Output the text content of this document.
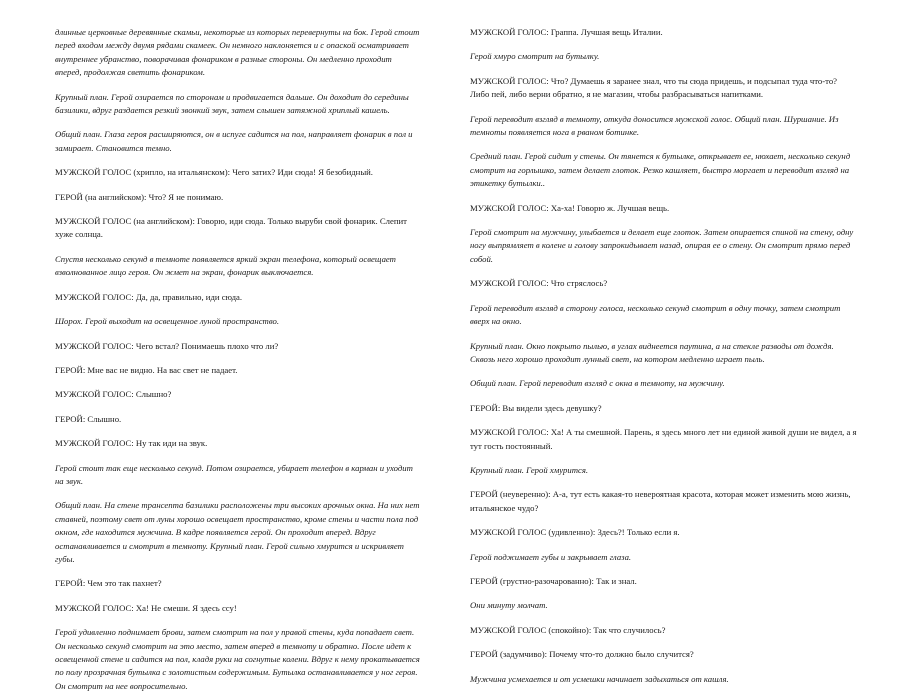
длинные церковные деревянные скамьи, некоторые из которых перевернуты на бок. Герой стоит перед входом между двумя рядами скамеек. Он немного наклоняется и с опаской осматривает внутреннее убранство, поворачивая фонариком в разные стороны. Он медленно проходит вперед, продолжая светить фонариком.

Крупный план. Герой озирается по сторонам и продвигается дальше. Он доходит до середины базилики, вдруг раздается резкий звонкий звук, затем слышен затяжной хриплый кашель.

Общий план. Глаза героя расширяются, он в испуге садится на пол, направляет фонарик в пол и замирает. Становится темно.

МУЖСКОЙ ГОЛОС (хрипло, на итальянском): Чего затих? Иди сюда! Я безобидный.

ГЕРОЙ (на английском): Что? Я не понимаю.

МУЖСКОЙ ГОЛОС (на английском): Говорю, иди сюда. Только выруби свой фонарик. Слепит хуже солнца.

Спустя несколько секунд в темноте появляется яркий экран телефона, который освещает взволнованное лицо героя. Он жмет на экран, фонарик выключается.

МУЖСКОЙ ГОЛОС: Да, да, правильно, иди сюда.

Шорох. Герой выходит на освещенное луной пространство.

МУЖСКОЙ ГОЛОС: Чего встал? Понимаешь плохо что ли?

ГЕРОЙ: Мне вас не видно. На вас свет не падает.

МУЖСКОЙ ГОЛОС: Слышно?

ГЕРОЙ: Слышно.

МУЖСКОЙ ГОЛОС: Ну так иди на звук.

Герой стоит так еще несколько секунд. Потом озирается, убирает телефон в карман и уходит на звук.

Общий план. На стене трансепта базилики расположены три высоких арочных окна. На них нет ставней, поэтому свет от луны хорошо освещает пространство, кроме стены и части пола под окном, где находится мужчина. В кадре появляется герой. Он проходит вперед. Вдруг останавливается и смотрит в темноту. Крупный план. Герой сильно хмурится и искривляет губы.

ГЕРОЙ: Чем это так пахнет?

МУЖСКОЙ ГОЛОС: Ха! Не смеши. Я здесь ссу!

Герой удивленно поднимает брови, затем смотрит на пол у правой стены, куда попадает свет. Он несколько секунд смотрит на это место, затем вперед в темноту и обратно. После идет к освещенной стене и садится на пол, кладя руки на согнутые колени. Вдруг к нему прокатывается по полу прозрачная бутылка с золотистым содержимым. Бутылка останавливается у ног героя. Он смотрит на нее вопросительно.

МУЖСКОЙ ГОЛОС: Граппа. Лучшая вещь Италии.

Герой хмуро смотрит на бутылку.

МУЖСКОЙ ГОЛОС: Что? Думаешь я заранее знал, что ты сюда придешь, и подсыпал туда что-то? Либо пей, либо верни обратно, я не магазин, чтобы разбрасываться напитками.

Герой переводит взгляд в темноту, откуда доносится мужской голос. Общий план. Шуршание. Из темноты появляется нога в рваном ботинке.

Средний план. Герой сидит у стены. Он тянется к бутылке, открывает ее, нюхает, несколько секунд смотрит на горлышко, затем делает глоток. Резко кашляет, быстро моргает и переводит взгляд на этикетку бутылки..

МУЖСКОЙ ГОЛОС: Ха-ха! Говорю ж. Лучшая вещь.

Герой смотрит на мужчину, улыбается и делает еще глоток. Затем опирается спиной на стену, одну ногу выпрямляет в колене и голову запрокидывает назад, опирая ее о стену. Он смотрит прямо перед собой.

МУЖСКОЙ ГОЛОС: Что стряслось?

Герой переводит взгляд в сторону голоса, несколько секунд смотрит в одну точку, затем смотрит вверх на окно.

Крупный план. Окно покрыто пылью, в углах виднеется паутина, а на стекле разводы от дождя. Сквозь него хорошо проходит лунный свет, на котором медленно играет пыль.

Общий план. Герой переводит взгляд с окна в темноту, на мужчину.

ГЕРОЙ: Вы видели здесь девушку?

МУЖСКОЙ ГОЛОС: Ха! А ты смешной. Парень, я здесь много лет ни единой живой души не видел, а я тут гость постоянный.

Крупный план. Герой хмурится.

ГЕРОЙ (неуверенно): А-а, тут есть какая-то невероятная красота, которая может изменить мою жизнь, итальянское чудо?

МУЖСКОЙ ГОЛОС (удивленно): Здесь?! Только если я.

Герой поджимает губы и закрывает глаза.

ГЕРОЙ (грустно-разочарованно): Так и знал.

Они минуту молчат.

МУЖСКОЙ ГОЛОС (спокойно): Так что случилось?

ГЕРОЙ (задумчиво): Почему что-то должно было случится?

Мужчина усмехается и от усмешки начинает задыхаться от кашля.
